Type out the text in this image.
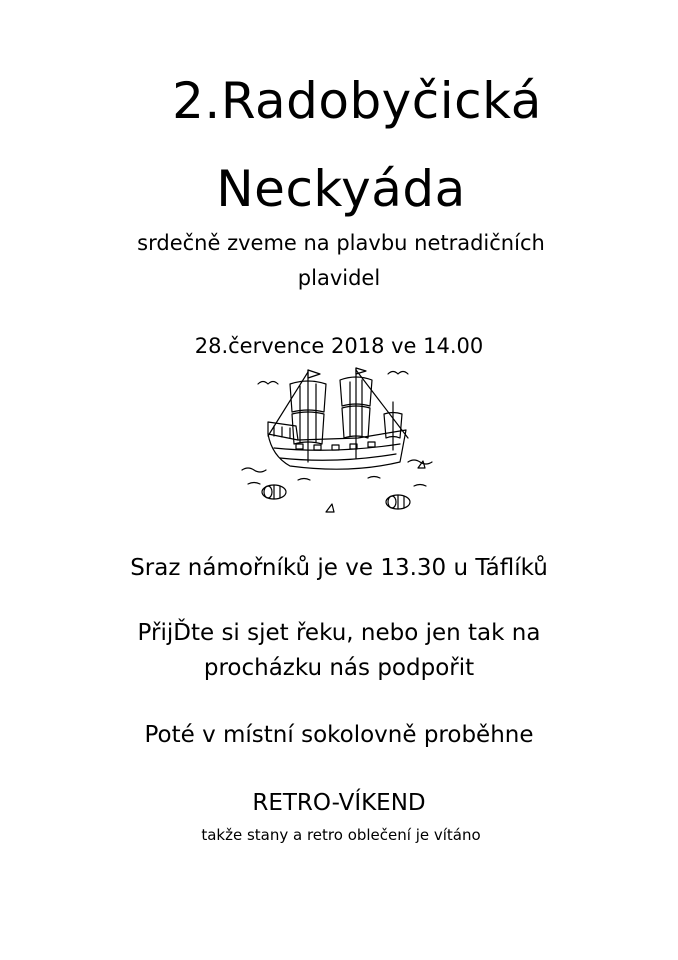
2.Radobyčická
Neckyáda
srdečně zveme na plavbu netradičních
plavidel
28.července 2018 ve 14.00
Sraz námořníků je ve 13.30 u Táflíků
PřijĎte si sjet řeku, nebo jen tak na
procházku nás podpořit
Poté v místní sokolovně proběhne
RETRO-VÍKEND
takže stany a retro oblečení je vítáno
